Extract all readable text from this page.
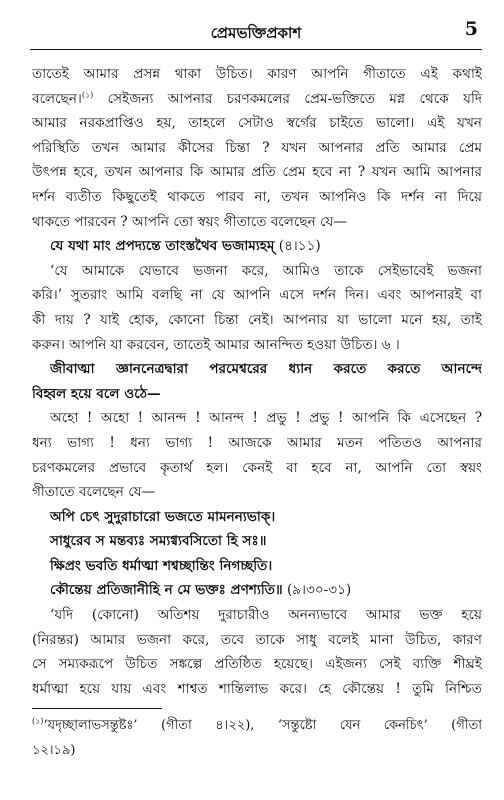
প্রেমভক্তিপ্রকাশ	5
তাতেই আমার প্রসন্ন থাকা উচিত। কারণ আপনি গীতাতে এই কথাই
বলেছেন।$^{(১)}$ সেইজন্য আপনার চরণকমলের প্রেম-ভক্তিতে মগ্ন থেকে যদি
আমার নরকপ্রাপ্তিও হয়, তাহলে সেটাও স্বর্গের চাইতে ভালো। এই যখন
পরিস্থিতি তখন আমার কীসের চিন্তা ? যখন আপনার প্রতি আমার প্রেম
উৎপন্ন হবে, তখন আপনার কি আমার প্রতি প্রেম হবে না ? যখন আমি আপনার
দর্শন ব্যতীত কিছুতেই থাকতে পারব না, তখন আপনিও কি দর্শন না দিয়ে
থাকতে পারবেন ? আপনি তো স্বয়ং গীতাতে বলেছেন যে—
যে যথা মাং প্রপদ্যন্তে তাংস্তথৈব ভজাম্যহম্ (৪।১১)
‘যে আমাকে যেভাবে ভজনা করে, আমিও তাকে সেইভাবেই ভজনা
করি।’ সুতরাং আমি বলছি না যে আপনি এসে দর্শন দিন। এবং আপনারই বা
কী দায় ? যাই হোক, কোনো চিন্তা নেই। আপনার যা ভালো মনে হয়, তাই
করুন। আপনি যা করবেন, তাতেই আমার আনন্দিত হওয়া উচিত। ৬ ।
জীবাত্মা জ্ঞাননেত্রদ্বারা পরমেশ্বরের ধ্যান করতে করতে আনন্দে
বিহ্বল হয়ে বলে ওঠে—
অহো ! অহো ! আনন্দ ! আনন্দ ! প্রভু ! প্রভু ! আপনি কি এসেছেন ?
ধন্য ভাগ্য ! ধন্য ভাগ্য ! আজকে আমার মতন পতিতও আপনার
চরণকমলের প্রভাবে কৃতার্থ হল। কেনই বা হবে না, আপনি তো স্বয়ং
গীতাতে বলেছেন যে—
অপি চেৎ সুদুরাচারো ভজতে মামনন্যভাক্।
সাধুরেব স মন্তব্যঃ সম্যগ্ব্যবসিতো হি সঃ॥
ক্ষিপ্রং ভবতি ধর্মাত্মা শশ্বচ্ছান্তিং নিগচ্ছতি।
কৌন্তেয় প্রতিজানীহি ন মে ভক্তঃ প্রণশ্যতি॥ (৯।৩০-৩১)
‘যদি (কোনো) অতিশয় দুরাচারীও অনন্যভাবে আমার ভক্ত হয়ে
(নিরন্তর) আমার ভজনা করে, তবে তাকে সাধু বলেই মানা উচিত, কারণ
সে সম্যকরূপে উচিত সঙ্কল্পে প্রতিষ্ঠিত হয়েছে। এইজন্য সেই ব্যক্তি শীঘ্রই
ধর্মাত্মা হয়ে যায় এবং শাশ্বত শান্তিলাভ করে। হে কৌন্তেয় ! তুমি নিশ্চিত
$^{(১)}$‘যদৃচ্ছালাভসন্তুষ্টঃ’ (গীতা ৪।২২), ‘সন্তুষ্টো যেন কেনচিৎ’ (গীতা
১২।১৯)
